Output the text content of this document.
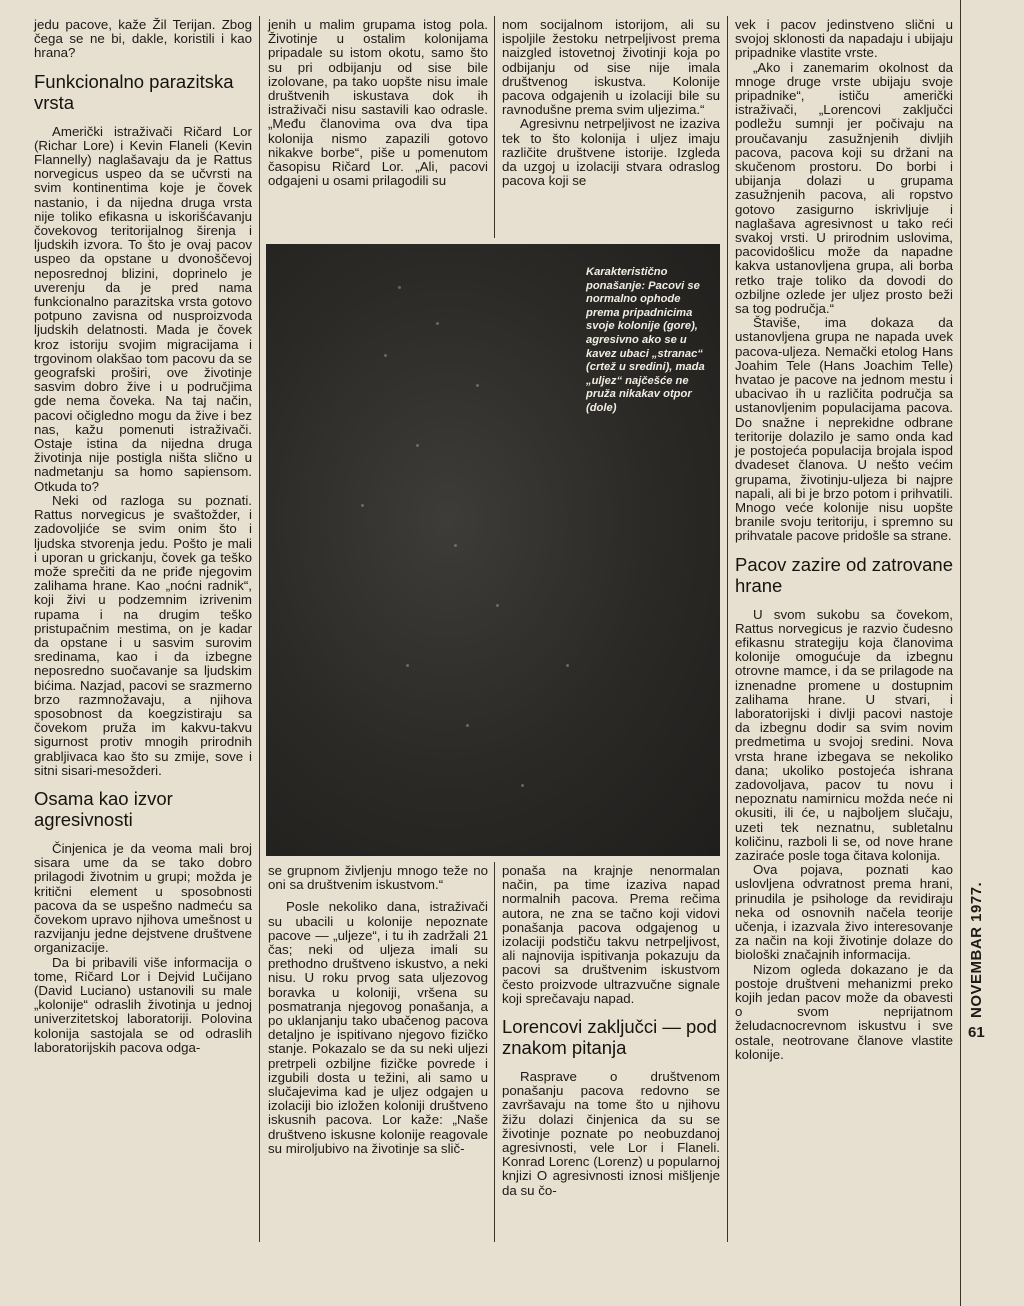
jedu pacove, kaže Žil Terijan. Zbog čega se ne bi, dakle, koristili i kao hrana?

Funkcionalno parazitska vrsta

Američki istraživači Ričard Lor (Richar Lore) i Kevin Flaneli (Kevin Flannelly) naglašavaju da je Rattus norvegicus uspeo da se učvrsti na svim kontinentima koje je čovek nastanio, i da nijedna druga vrsta nije toliko efikasna u iskorišćavanju čovekovog teritorijalnog širenja i ljudskih izvora. To što je ovaj pacov uspeo da opstane u dvonoščevoj neposrednoj blizini, doprinelo je uverenju da je pred nama funkcionalno parazitska vrsta gotovo potpuno zavisna od nusproizvoda ljudskih delatnosti. Mada je čovek kroz istoriju svojim migracijama i trgovinom olakšao tom pacovu da se geografski proširi, ove životinje sasvim dobro žive i u područjima gde nema čoveka. Na taj način, pacovi očigledno mogu da žive i bez nas, kažu pomenuti istraživači. Ostaje istina da nijedna druga životinja nije postigla ništa slično u nadmetanju sa homo sapiensom. Otkuda to?

Neki od razloga su poznati. Rattus norvegicus je svaštožder, i zadovoljiće se svim onim što i ljudska stvorenja jedu. Pošto je mali i uporan u grickanju, čovek ga teško može sprečiti da ne priđe njegovim zalihama hrane. Kao „noćni radnik“, koji živi u podzemnim izrivenim rupama i na drugim teško pristupačnim mestima, on je kadar da opstane i u sasvim surovim sredinama, kao i da izbegne neposredno suočavanje sa ljudskim bićima. Nazjad, pacovi se srazmerno brzo razmnožavaju, a njihova sposobnost da koegzistiraju sa čovekom pruža im kakvu-takvu sigurnost protiv mnogih prirodnih grabljivaca kao što su zmije, sove i sitni sisari-mesožderi.

Osama kao izvor agresivnosti

Činjenica je da veoma mali broj sisara ume da se tako dobro prilagodi životnim u grupi; možda je kritični element u sposobnosti pacova da se uspešno nadmeću sa čovekom upravo njihova umešnost u razvijanju jedne dejstvene društvene organizacije.

Da bi pribavili više informacija o tome, Ričard Lor i Dejvid Lučijano (David Luciano) ustanovili su male „kolonije“ odraslih životinja u jednoj univerzitetskoj laboratoriji. Polovina kolonija sastojala se od odraslih laboratorijskih pacova odga-

jenih u malim grupama istog pola. Životinje u ostalim kolonijama pripadale su istom okotu, samo što su pri odbijanju od sise bile izolovane, pa tako uopšte nisu imale društvenih iskustava dok ih istraživači nisu sastavili kao odrasle. „Među članovima ova dva tipa kolonija nismo zapazili gotovo nikakve borbe“, piše u pomenutom časopisu Ričard Lor. „Ali, pacovi odgajeni u osami prilagodili su

nom socijalnom istorijom, ali su ispoljile žestoku netrpeljivost prema naizgled istovetnoj životinji koja po odbijanju od sise nije imala društvenog iskustva. Kolonije pacova odgajenih u izolaciji bile su ravnodušne prema svim uljezima.“

Agresivnu netrpeljivost ne izaziva tek to što kolonija i uljez imaju različite društvene istorije. Izgleda da uzgoj u izolaciji stvara odraslog pacova koji se

Karakteristično ponašanje: Pacovi se normalno ophode prema pripadnicima svoje kolonije (gore), agresivno ako se u kavez ubaci „stranac“ (crtež u sredini), mada „uljez“ najčešće ne pruža nikakav otpor (dole)

se grupnom življenju mnogo teže no oni sa društvenim iskustvom.“

Posle nekoliko dana, istraživači su ubacili u kolonije nepoznate pacove — „uljeze“, i tu ih zadržali 21 čas; neki od uljeza imali su prethodno društveno iskustvo, a neki nisu. U roku prvog sata uljezovog boravka u koloniji, vršena su posmatranja njegovog ponašanja, a po uklanjanju tako ubačenog pacova detaljno je ispitivano njegovo fizičko stanje. Pokazalo se da su neki uljezi pretrpeli ozbiljne fizičke povrede i izgubili dosta u težini, ali samo u slučajevima kad je uljez odgajen u izolaciji bio izložen koloniji društveno iskusnih pacova. Lor kaže: „Naše društveno iskusne kolonije reagovale su miroljubivo na životinje sa slič-

ponaša na krajnje nenormalan način, pa time izaziva napad normalnih pacova. Prema rečima autora, ne zna se tačno koji vidovi ponašanja pacova odgajenog u izolaciji podstiču takvu netrpeljivost, ali najnovija ispitivanja pokazuju da pacovi sa društvenim iskustvom često proizvode ultrazvučne signale koji sprečavaju napad.

Lorencovi zaključci — pod znakom pitanja

Rasprave o društvenom ponašanju pacova redovno se završavaju na tome što u njihovu žižu dolazi činjenica da su se životinje poznate po neobuzdanoj agresivnosti, vele Lor i Flaneli. Konrad Lorenc (Lorenz) u popularnoj knjizi O agresivnosti iznosi mišljenje da su čo-

vek i pacov jedinstveno slični u svojoj sklonosti da napadaju i ubijaju pripadnike vlastite vrste.

„Ako i zanemarim okolnost da mnoge druge vrste ubijaju svoje pripadnike“, ističu američki istraživači, „Lorencovi zaključci podležu sumnji jer počivaju na proučavanju zasužnjenih divljih pacova, pacova koji su držani na skučenom prostoru. Do borbi i ubijanja dolazi u grupama zasužnjenih pacova, ali ropstvo gotovo zasigurno iskrivljuje i naglašava agresivnost u tako reći svakoj vrsti. U prirodnim uslovima, pacovidošlicu može da napadne kakva ustanovljena grupa, ali borba retko traje toliko da dovodi do ozbiljne ozlede jer uljez prosto beži sa tog područja.“

Štaviše, ima dokaza da ustanovljena grupa ne napada uvek pacova-uljeza. Nemački etolog Hans Joahim Tele (Hans Joachim Telle) hvatao je pacove na jednom mestu i ubacivao ih u različita područja sa ustanovljenim populacijama pacova. Do snažne i neprekidne odbrane teritorije dolazilo je samo onda kad je postojeća populacija brojala ispod dvadeset članova. U nešto većim grupama, životinju-uljeza bi najpre napali, ali bi je brzo potom i prihvatili. Mnogo veće kolonije nisu uopšte branile svoju teritoriju, i spremno su prihvatale pacove pridošle sa strane.

Pacov zazire od zatrovane hrane

U svom sukobu sa čovekom, Rattus norvegicus je razvio čudesno efikasnu strategiju koja članovima kolonije omogućuje da izbegnu otrovne mamce, i da se prilagode na iznenadne promene u dostupnim zalihama hrane. U stvari, i laboratorijski i divlji pacovi nastoje da izbegnu dodir sa svim novim predmetima u svojoj sredini. Nova vrsta hrane izbegava se nekoliko dana; ukoliko postojeća ishrana zadovoljava, pacov tu novu i nepoznatu namirnicu možda neće ni okusiti, ili će, u najboljem slučaju, uzeti tek neznatnu, subletalnu količinu, razboli li se, od nove hrane zaziraće posle toga čitava kolonija.

Ova pojava, poznati kao uslovljena odvratnost prema hrani, prinudila je psihologe da revidiraju neka od osnovnih načela teorije učenja, i izazvala živo interesovanje za način na koji životinje dolaze do biološki značajnih informacija.

Nizom ogleda dokazano je da postoje društveni mehanizmi preko kojih jedan pacov može da obavesti o svom neprijatnom želudacnocrevnom iskustvu i sve ostale, neotrovane članove vlastite kolonije.

NOVEMBAR 1977.
61
